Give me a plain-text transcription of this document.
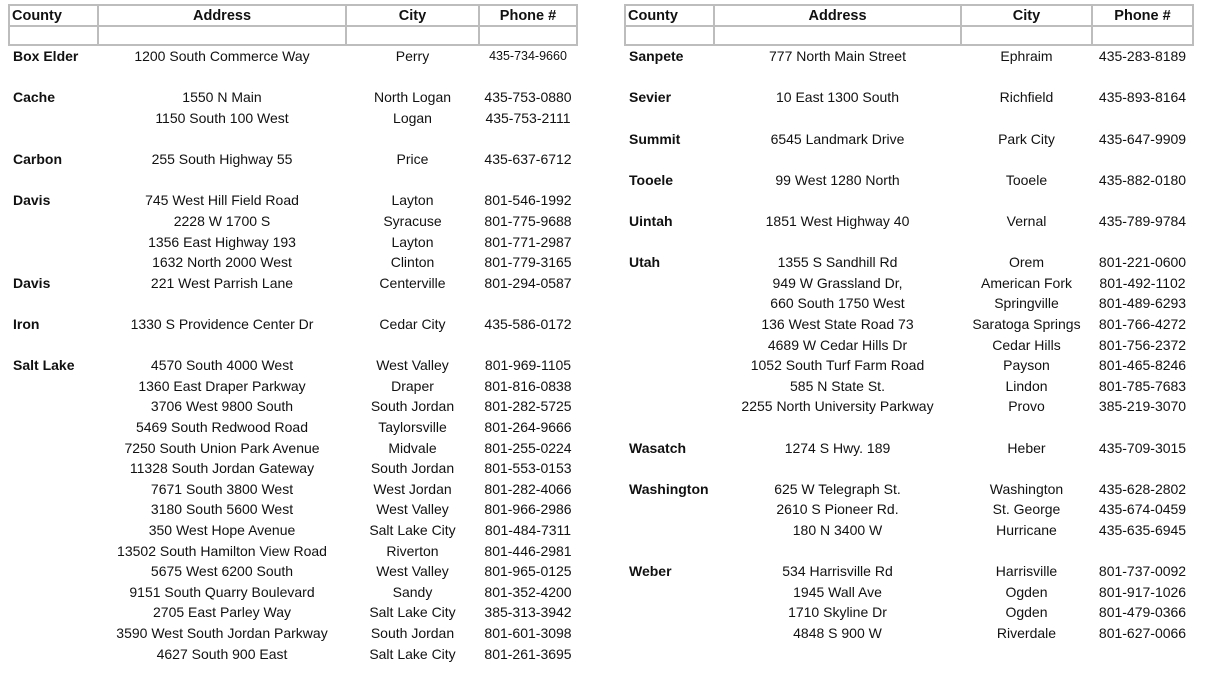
County	Address	City	Phone #

Box Elder	1200 South Commerce Way	Perry	435-734-9660

Cache	1550 N Main	North Logan	435-753-0880
	1150 South 100 West	Logan	435-753-2111

Carbon	255 South Highway 55	Price	435-637-6712

Davis	745 West Hill Field Road	Layton	801-546-1992
	2228 W 1700 S	Syracuse	801-775-9688
	1356 East Highway 193	Layton	801-771-2987
	1632 North 2000 West	Clinton	801-779-3165
Davis	221 West Parrish Lane	Centerville	801-294-0587

Iron	1330 S Providence Center Dr	Cedar City	435-586-0172

Salt Lake	4570 South 4000 West	West Valley	801-969-1105
	1360 East Draper Parkway	Draper	801-816-0838
	3706 West 9800 South	South Jordan	801-282-5725
	5469 South Redwood Road	Taylorsville	801-264-9666
	7250 South Union Park Avenue	Midvale	801-255-0224
	11328 South Jordan Gateway	South Jordan	801-553-0153
	7671 South 3800 West	West Jordan	801-282-4066
	3180 South 5600 West	West Valley	801-966-2986
	350 West Hope Avenue	Salt Lake City	801-484-7311
	13502 South Hamilton View Road	Riverton	801-446-2981
	5675 West 6200 South	West Valley	801-965-0125
	9151 South Quarry Boulevard	Sandy	801-352-4200
	2705 East Parley Way	Salt Lake City	385-313-3942
	3590 West South Jordan Parkway	South Jordan	801-601-3098
	4627 South 900 East	Salt Lake City	801-261-3695
County	Address	City	Phone #

Sanpete	777 North Main Street	Ephraim	435-283-8189

Sevier	10 East 1300 South	Richfield	435-893-8164

Summit	6545 Landmark Drive	Park City	435-647-9909

Tooele	99 West 1280 North	Tooele	435-882-0180

Uintah	1851 West Highway 40	Vernal	435-789-9784

Utah	1355 S Sandhill Rd	Orem	801-221-0600
	949 W Grassland Dr,	American Fork	801-492-1102
	660 South 1750 West	Springville	801-489-6293
	136 West State Road 73	Saratoga Springs	801-766-4272
	4689 W Cedar Hills Dr	Cedar Hills	801-756-2372
	1052 South Turf Farm Road	Payson	801-465-8246
	585 N State St.	Lindon	801-785-7683
	2255 North University Parkway	Provo	385-219-3070

Wasatch	1274 S Hwy. 189	Heber	435-709-3015

Washington	625 W Telegraph St.	Washington	435-628-2802
	2610 S Pioneer Rd.	St. George	435-674-0459
	180 N 3400 W	Hurricane	435-635-6945

Weber	534 Harrisville Rd	Harrisville	801-737-0092
	1945 Wall Ave	Ogden	801-917-1026
	1710 Skyline Dr	Ogden	801-479-0366
	4848 S 900 W	Riverdale	801-627-0066
